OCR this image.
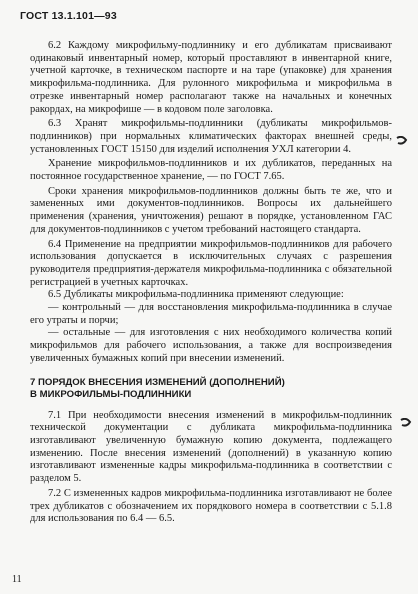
ГОСТ 13.1.101—93

6.2 Каждому микрофильму-подлиннику и его дубликатам присваивают одинаковый инвентарный номер, который проставляют в инвентарной книге, учетной карточке, в техническом паспорте и на таре (упаковке) для хранения микрофильма-подлинника. Для рулонного микрофильма и микрофильма в отрезке инвентарный номер располагают также на начальных и конечных ракордах, на микрофише — в кодовом поле заголовка.

6.3 Хранят микрофильмы-подлинники (дубликаты микрофильмов-подлинников) при нормальных климатических факторах внешней среды, установленных ГОСТ 15150 для изделий исполнения УХЛ категории 4.

Хранение микрофильмов-подлинников и их дубликатов, переданных на постоянное государственное хранение, — по ГОСТ 7.65.

Сроки хранения микрофильмов-подлинников должны быть те же, что и замененных ими документов-подлинников. Вопросы их дальнейшего применения (хранения, уничтожения) решают в порядке, установленном ГАС для документов-подлинников с учетом требований настоящего стандарта.

6.4 Применение на предприятии микрофильмов-подлинников для рабочего использования допускается в исключительных случаях с разрешения руководителя предприятия-держателя микрофильма-подлинника с обязательной регистрацией в учетных карточках.

6.5 Дубликаты микрофильма-подлинника применяют следующие:

— контрольный — для восстановления микрофильма-подлинника в случае его утраты и порчи;

— остальные — для изготовления с них необходимого количества копий микрофильмов для рабочего использования, а также для воспроизведения увеличенных бумажных копий при внесении изменений.

7 ПОРЯДОК ВНЕСЕНИЯ ИЗМЕНЕНИЙ (ДОПОЛНЕНИЙ)
В МИКРОФИЛЬМЫ-ПОДЛИННИКИ

7.1 При необходимости внесения изменений в микрофильм-подлинник технической документации с дубликата микрофильма-подлинника изготавливают увеличенную бумажную копию документа, подлежащего изменению. После внесения изменений (дополнений) в указанную копию изготавливают измененные кадры микрофильма-подлинника в соответствии с разделом 5.

7.2 С измененных кадров микрофильма-подлинника изготавливают не более трех дубликатов с обозначением их порядкового номера в соответствии с 5.1.8 для использования по 6.4 — 6.5.

11
